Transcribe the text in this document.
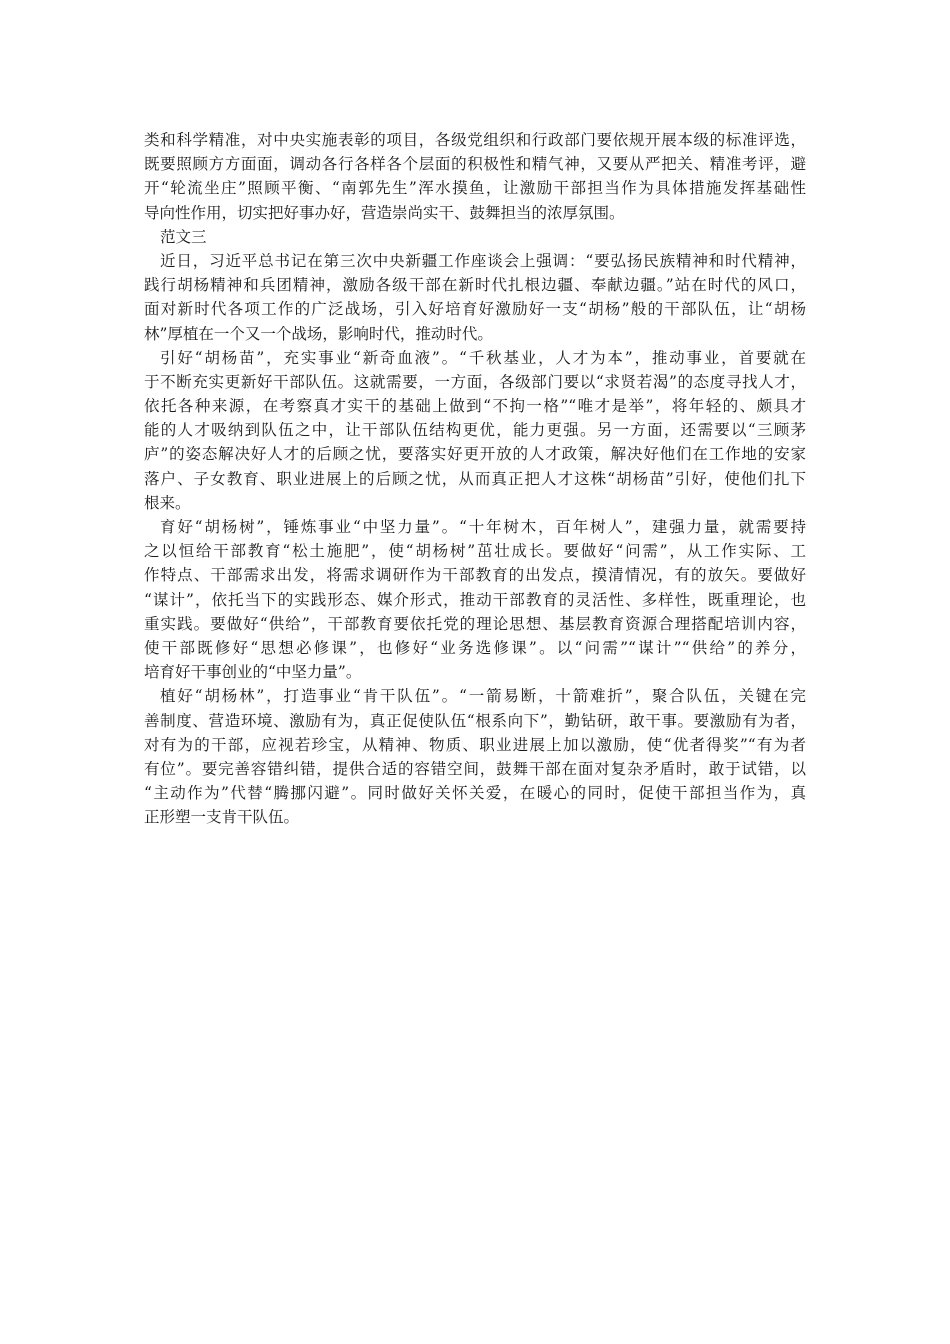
类和科学精准，对中央实施表彰的项目，各级党组织和行政部门要依规开展本级的标准评选，
既要照顾方方面面，调动各行各样各个层面的积极性和精气神，又要从严把关、精准考评，避
开“轮流坐庄”照顾平衡、“南郭先生”浑水摸鱼，让激励干部担当作为具体措施发挥基础性
导向性作用，切实把好事办好，营造崇尚实干、鼓舞担当的浓厚氛围。
范文三
近日，习近平总书记在第三次中央新疆工作座谈会上强调：“要弘扬民族精神和时代精神，
践行胡杨精神和兵团精神，激励各级干部在新时代扎根边疆、奉献边疆。”站在时代的风口，
面对新时代各项工作的广泛战场，引入好培育好激励好一支“胡杨”般的干部队伍，让“胡杨
林”厚植在一个又一个战场，影响时代，推动时代。
引好“胡杨苗”，充实事业“新奇血液”。“千秋基业，人才为本”，推动事业，首要就在
于不断充实更新好干部队伍。这就需要，一方面，各级部门要以“求贤若渴”的态度寻找人才，
依托各种来源，在考察真才实干的基础上做到“不拘一格”“唯才是举”，将年轻的、颇具才
能的人才吸纳到队伍之中，让干部队伍结构更优，能力更强。另一方面，还需要以“三顾茅
庐”的姿态解决好人才的后顾之忧，要落实好更开放的人才政策，解决好他们在工作地的安家
落户、子女教育、职业进展上的后顾之忧，从而真正把人才这株“胡杨苗”引好，使他们扎下
根来。
育好“胡杨树”，锤炼事业“中坚力量”。“十年树木，百年树人”，建强力量，就需要持
之以恒给干部教育“松土施肥”，使“胡杨树”茁壮成长。要做好“问需”，从工作实际、工
作特点、干部需求出发，将需求调研作为干部教育的出发点，摸清情况，有的放矢。要做好
“谋计”，依托当下的实践形态、媒介形式，推动干部教育的灵活性、多样性，既重理论，也
重实践。要做好“供给”，干部教育要依托党的理论思想、基层教育资源合理搭配培训内容，
使干部既修好“思想必修课”，也修好“业务选修课”。以“问需”“谋计”“供给”的养分，
培育好干事创业的“中坚力量”。
植好“胡杨林”，打造事业“肯干队伍”。“一箭易断，十箭难折”，聚合队伍，关键在完
善制度、营造环境、激励有为，真正促使队伍“根系向下”，勤钻研，敢干事。要激励有为者，
对有为的干部，应视若珍宝，从精神、物质、职业进展上加以激励，使“优者得奖”“有为者
有位”。要完善容错纠错，提供合适的容错空间，鼓舞干部在面对复杂矛盾时，敢于试错，以
“主动作为”代替“腾挪闪避”。同时做好关怀关爱，在暖心的同时，促使干部担当作为，真
正形塑一支肯干队伍。
